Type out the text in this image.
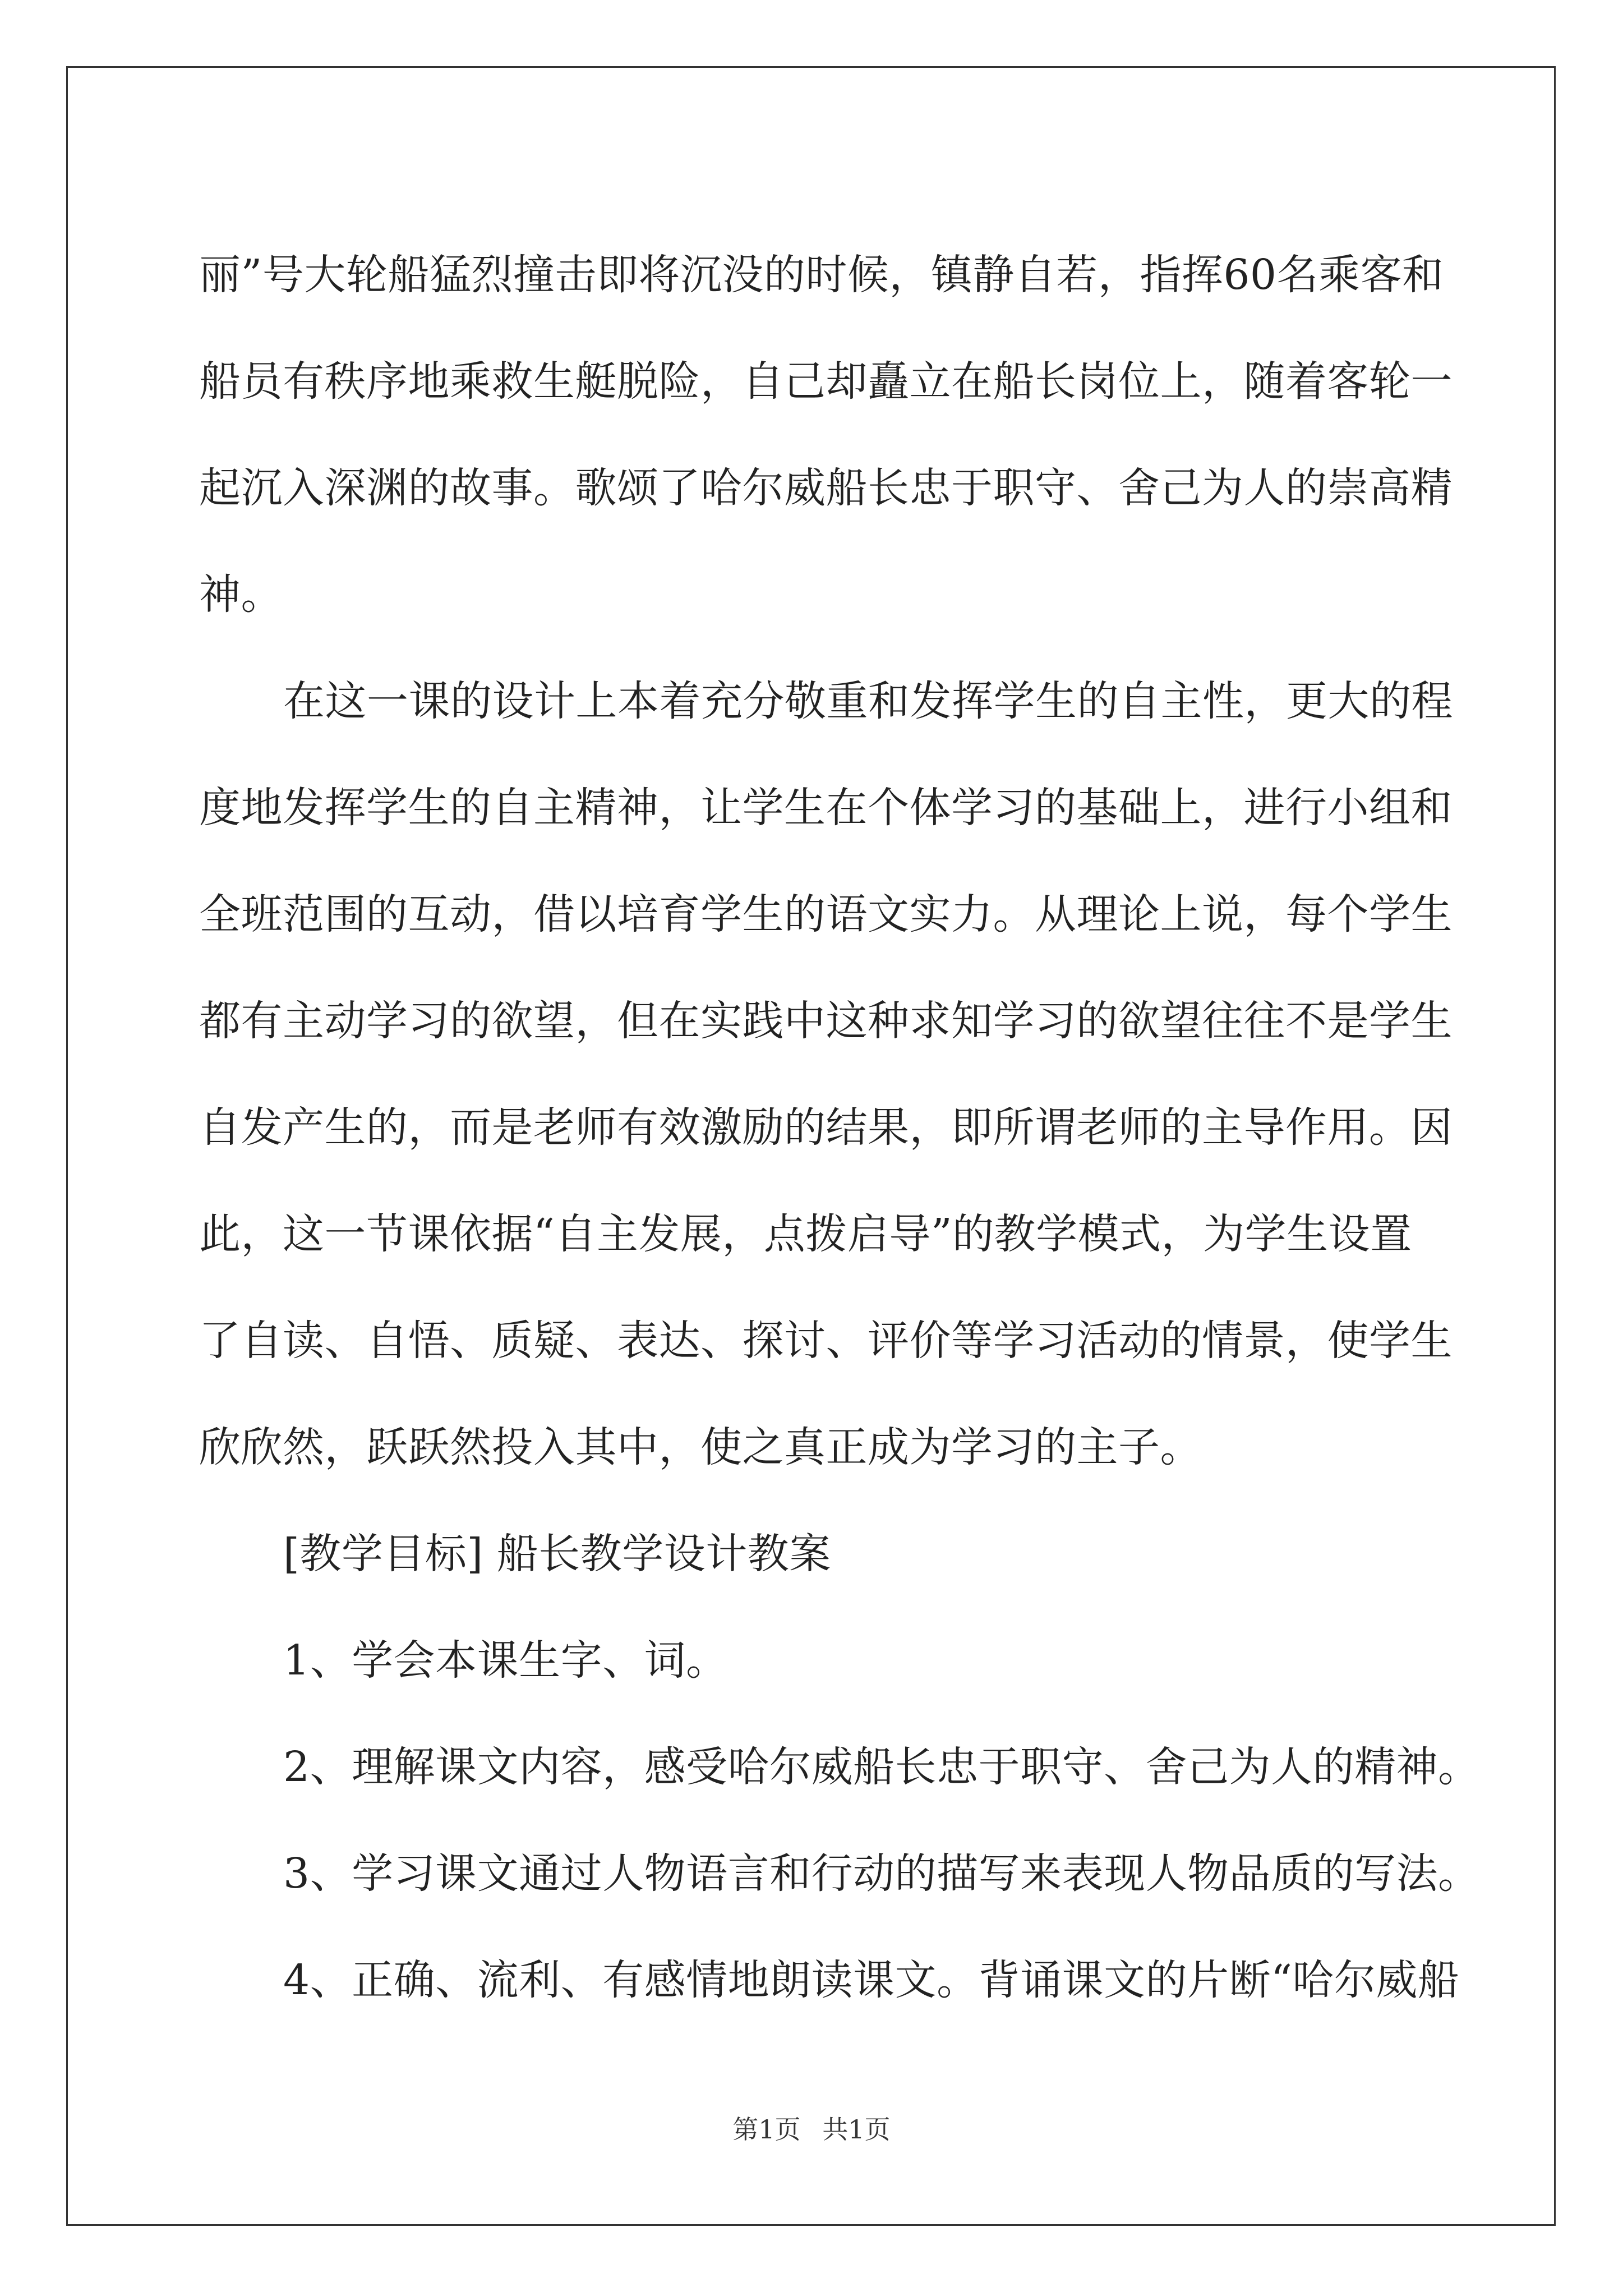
丽”号大轮船猛烈撞击即将沉没的时候，镇静自若，指挥60名乘客和
船员有秩序地乘救生艇脱险，自己却矗立在船长岗位上，随着客轮一
起沉入深渊的故事。歌颂了哈尔威船长忠于职守、舍己为人的崇高精
神。
在这一课的设计上本着充分敬重和发挥学生的自主性，更大的程
度地发挥学生的自主精神，让学生在个体学习的基础上，进行小组和
全班范围的互动，借以培育学生的语文实力。从理论上说，每个学生
都有主动学习的欲望，但在实践中这种求知学习的欲望往往不是学生
自发产生的，而是老师有效激励的结果，即所谓老师的主导作用。因
此，这一节课依据“自主发展，点拨启导”的教学模式，为学生设置
了自读、自悟、质疑、表达、探讨、评价等学习活动的情景，使学生
欣欣然，跃跃然投入其中，使之真正成为学习的主子。
[教学目标] 船长教学设计教案
1、学会本课生字、词。
2、理解课文内容，感受哈尔威船长忠于职守、舍己为人的精神。
3、学习课文通过人物语言和行动的描写来表现人物品质的写法。
4、正确、流利、有感情地朗读课文。背诵课文的片断“哈尔威船
第1页 共1页
